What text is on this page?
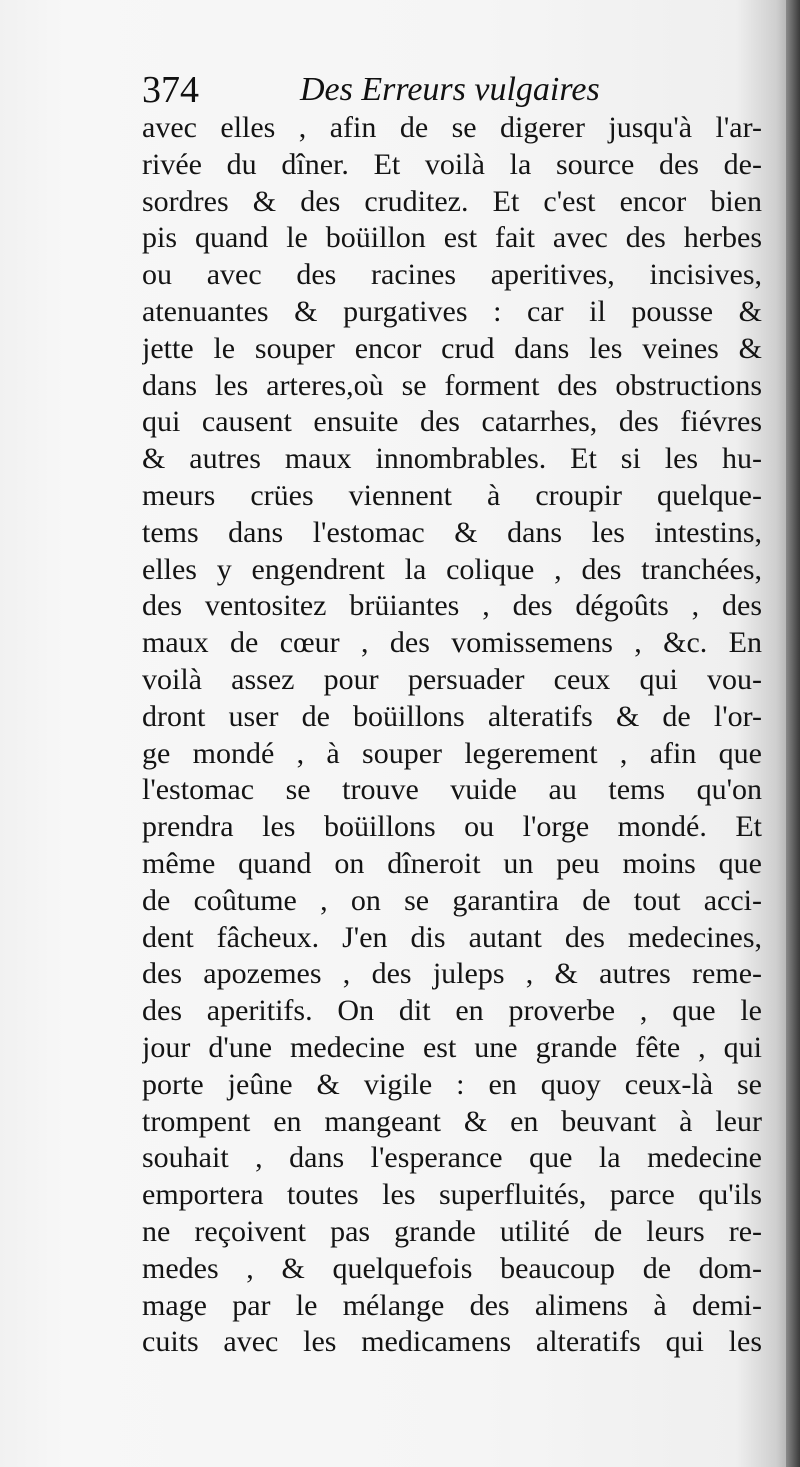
374	Des Erreurs vulgaires
avec elles , afin de se digerer jusqu'à l'ar-
rivée du dîner. Et voilà la source des de-
sordres & des cruditez. Et c'est encor bien
pis quand le boüillon est fait avec des herbes
ou avec des racines aperitives, incisives,
atenuantes & purgatives : car il pousse &
jette le souper encor crud dans les veines &
dans les arteres,où se forment des obstructions
qui causent ensuite des catarrhes, des fiévres
& autres maux innombrables. Et si les hu-
meurs crües viennent à croupir quelque-
tems dans l'estomac & dans les intestins,
elles y engendrent la colique , des tranchées,
des ventositez brüiantes , des dégoûts , des
maux de cœur , des vomissemens , &c. En
voilà assez pour persuader ceux qui vou-
dront user de boüillons alteratifs & de l'or-
ge mondé , à souper legerement , afin que
l'estomac se trouve vuide au tems qu'on
prendra les boüillons ou l'orge mondé. Et
même quand on dîneroit un peu moins que
de coûtume , on se garantira de tout acci-
dent fâcheux. J'en dis autant des medecines,
des apozemes , des juleps , & autres reme-
des aperitifs. On dit en proverbe , que le
jour d'une medecine est une grande fête , qui
porte jeûne & vigile : en quoy ceux-là se
trompent en mangeant & en beuvant à leur
souhait , dans l'esperance que la medecine
emportera toutes les superfluités, parce qu'ils
ne reçoivent pas grande utilité de leurs re-
medes , & quelquefois beaucoup de dom-
mage par le mélange des alimens à demi-
cuits avec les medicamens alteratifs qui les
